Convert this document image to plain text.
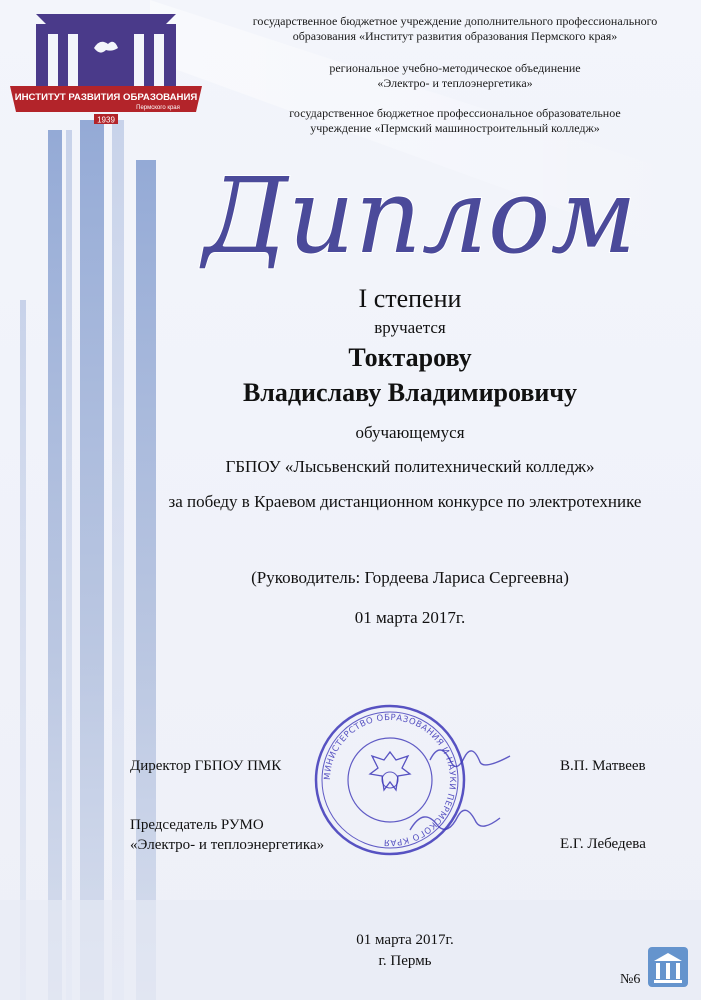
ИНСТИТУТ РАЗВИТИЯ ОБРАЗОВАНИЯ
Пермского края
1939
государственное бюджетное учреждение дополнительного профессионального
образования «Институт развития образования Пермского края»
региональное учебно-методическое объединение
«Электро- и теплоэнергетика»
государственное бюджетное профессиональное образовательное
учреждение «Пермский машиностроительный колледж»
Диплом
I степени
вручается
Токтарову
Владиславу Владимировичу
обучающемуся
ГБПОУ «Лысьвенский политехнический колледж»
за победу в Краевом дистанционном конкурсе по электротехнике
(Руководитель: Гордеева Лариса Сергеевна)
01 марта 2017г.
МИНИСТЕРСТВО ОБРАЗОВАНИЯ И НАУКИ ПЕРМСКОГО КРАЯ
Директор ГБПОУ ПМК	В.П. Матвеев
Председатель РУМО
«Электро- и теплоэнергетика»	Е.Г. Лебедева
01 марта 2017г.
г. Пермь
№6
